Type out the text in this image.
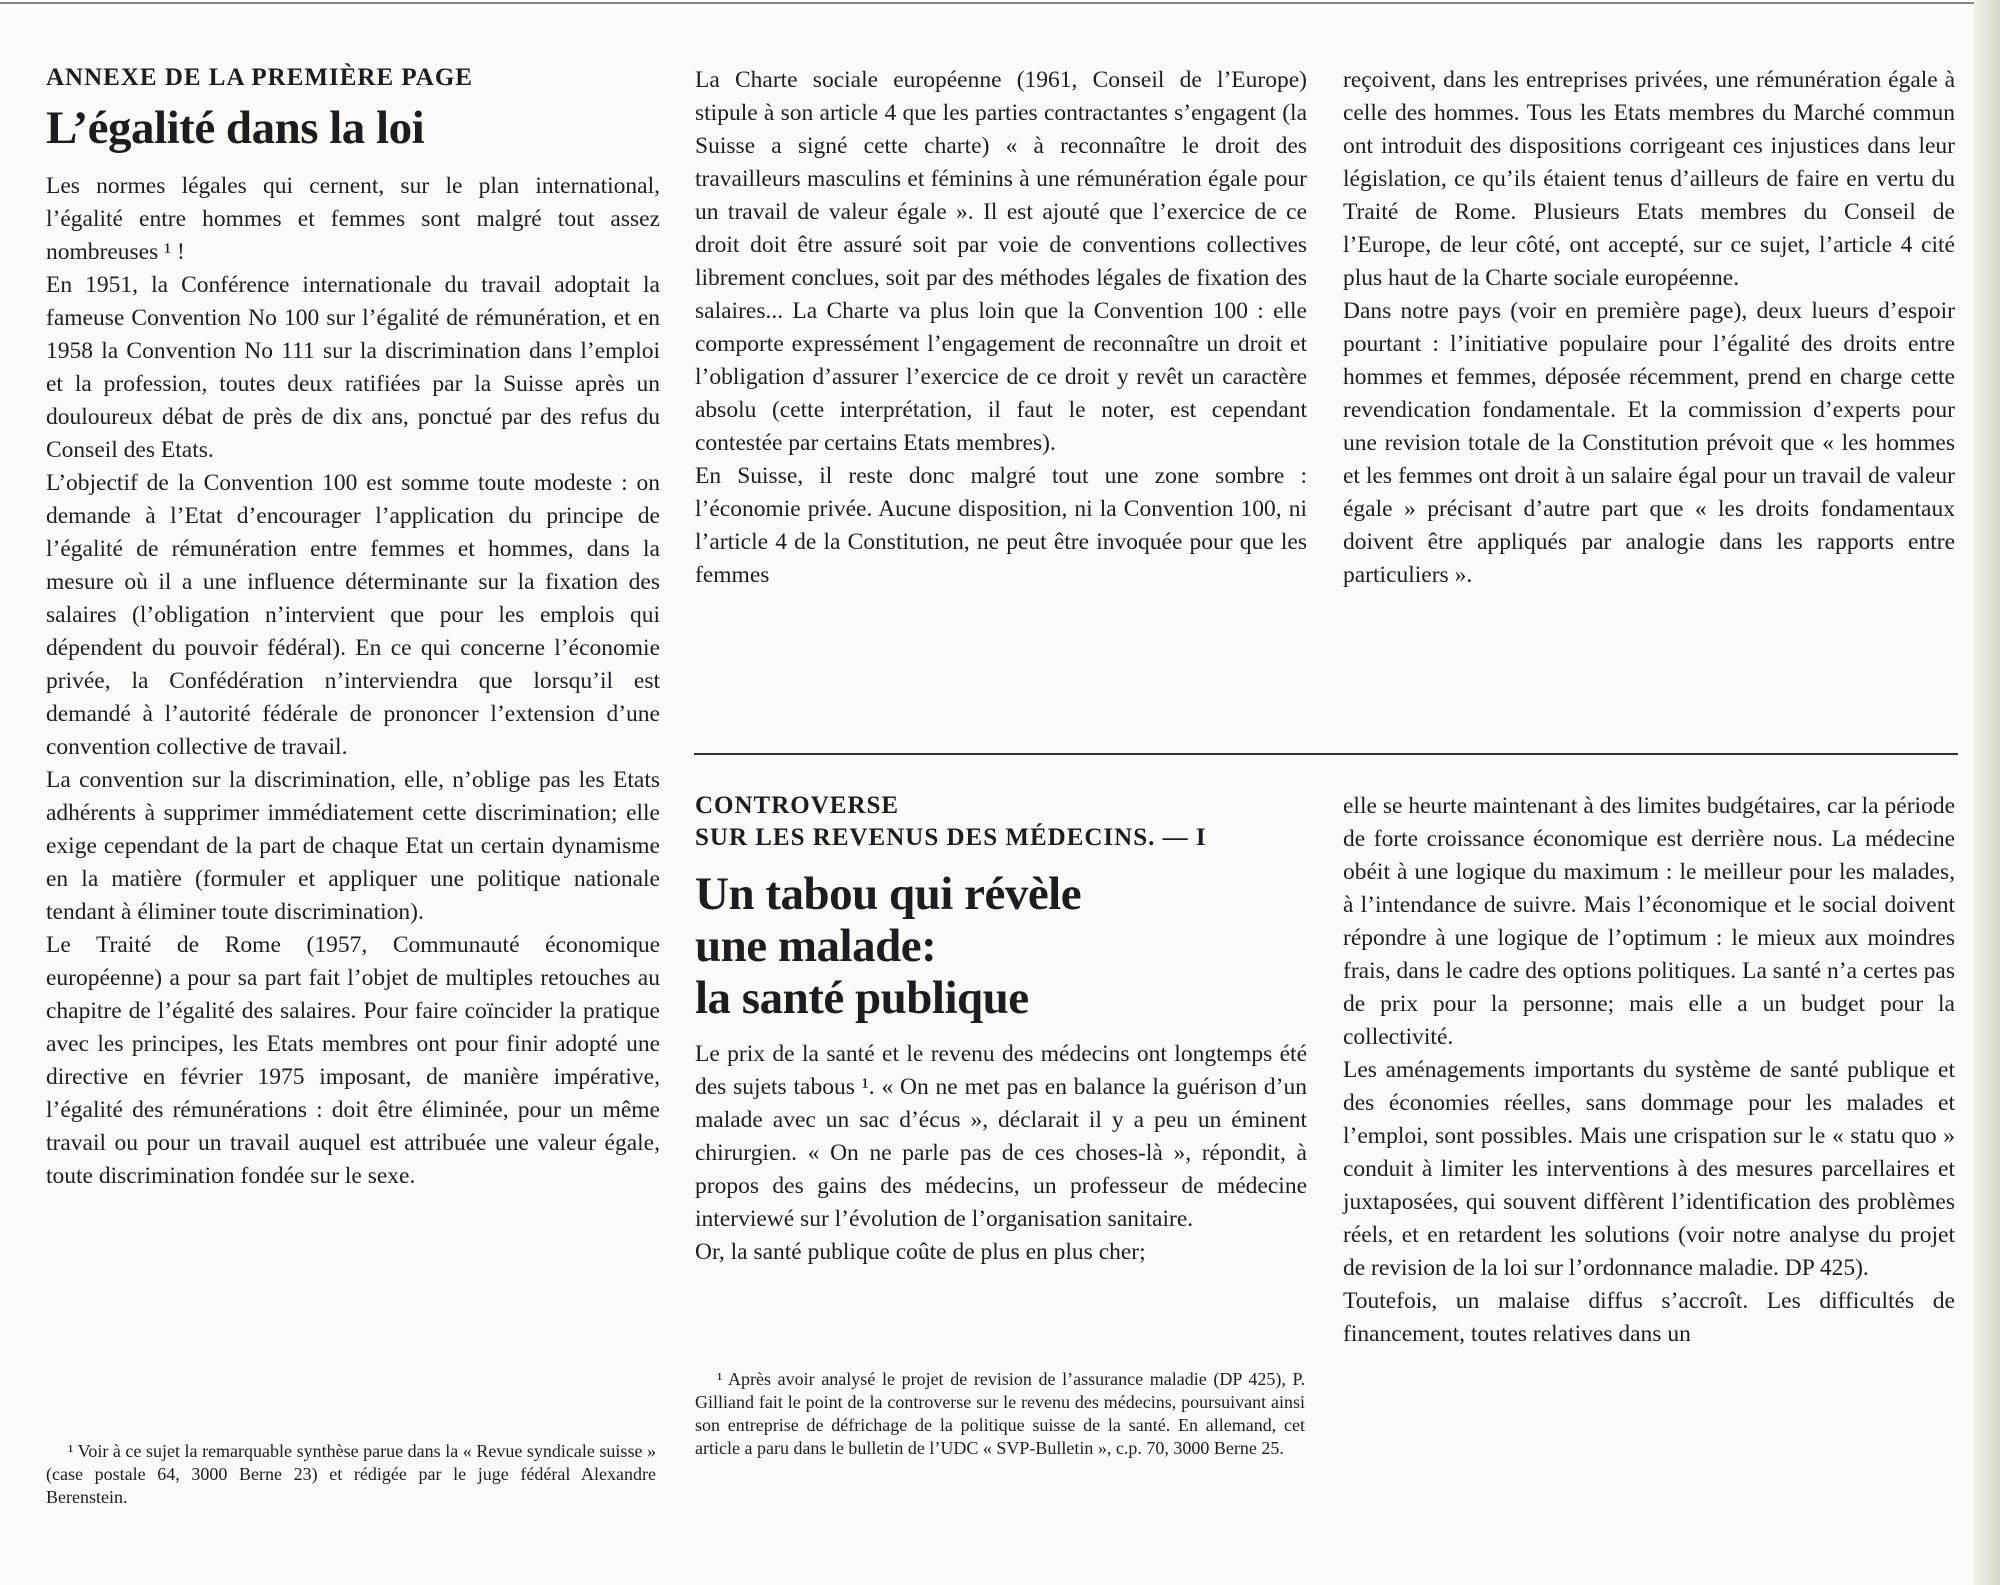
ANNEXE DE LA PREMIÈRE PAGE
L’égalité dans la loi

Les normes légales qui cernent, sur le plan international, l’égalité entre hommes et femmes sont malgré tout assez nombreuses ¹ !

En 1951, la Conférence internationale du travail adoptait la fameuse Convention No 100 sur l’égalité de rémunération, et en 1958 la Convention No 111 sur la discrimination dans l’emploi et la profession, toutes deux ratifiées par la Suisse après un douloureux débat de près de dix ans, ponctué par des refus du Conseil des Etats.

L’objectif de la Convention 100 est somme toute modeste : on demande à l’Etat d’encourager l’application du principe de l’égalité de rémunération entre femmes et hommes, dans la mesure où il a une influence déterminante sur la fixation des salaires (l’obligation n’intervient que pour les emplois qui dépendent du pouvoir fédéral). En ce qui concerne l’économie privée, la Confédération n’interviendra que lorsqu’il est demandé à l’autorité fédérale de prononcer l’extension d’une convention collective de travail.

La convention sur la discrimination, elle, n’oblige pas les Etats adhérents à supprimer immédiatement cette discrimination; elle exige cependant de la part de chaque Etat un certain dynamisme en la matière (formuler et appliquer une politique nationale tendant à éliminer toute discrimination).

Le Traité de Rome (1957, Communauté économique européenne) a pour sa part fait l’objet de multiples retouches au chapitre de l’égalité des salaires. Pour faire coïncider la pratique avec les principes, les Etats membres ont pour finir adopté une directive en février 1975 imposant, de manière impérative, l’égalité des rémunérations : doit être éliminée, pour un même travail ou pour un travail auquel est attribuée une valeur égale, toute discrimination fondée sur le sexe.

¹ Voir à ce sujet la remarquable synthèse parue dans la « Revue syndicale suisse » (case postale 64, 3000 Berne 23) et rédigée par le juge fédéral Alexandre Berenstein.

La Charte sociale européenne (1961, Conseil de l’Europe) stipule à son article 4 que les parties contractantes s’engagent (la Suisse a signé cette charte) « à reconnaître le droit des travailleurs masculins et féminins à une rémunération égale pour un travail de valeur égale ». Il est ajouté que l’exercice de ce droit doit être assuré soit par voie de conventions collectives librement conclues, soit par des méthodes légales de fixation des salaires... La Charte va plus loin que la Convention 100 : elle comporte expressément l’engagement de reconnaître un droit et l’obligation d’assurer l’exercice de ce droit y revêt un caractère absolu (cette interprétation, il faut le noter, est cependant contestée par certains Etats membres).

En Suisse, il reste donc malgré tout une zone sombre : l’économie privée. Aucune disposition, ni la Convention 100, ni l’article 4 de la Constitution, ne peut être invoquée pour que les femmes

reçoivent, dans les entreprises privées, une rémunération égale à celle des hommes. Tous les Etats membres du Marché commun ont introduit des dispositions corrigeant ces injustices dans leur législation, ce qu’ils étaient tenus d’ailleurs de faire en vertu du Traité de Rome. Plusieurs Etats membres du Conseil de l’Europe, de leur côté, ont accepté, sur ce sujet, l’article 4 cité plus haut de la Charte sociale européenne.

Dans notre pays (voir en première page), deux lueurs d’espoir pourtant : l’initiative populaire pour l’égalité des droits entre hommes et femmes, déposée récemment, prend en charge cette revendication fondamentale. Et la commission d’experts pour une revision totale de la Constitution prévoit que « les hommes et les femmes ont droit à un salaire égal pour un travail de valeur égale » précisant d’autre part que « les droits fondamentaux doivent être appliqués par analogie dans les rapports entre particuliers ».

CONTROVERSE
SUR LES REVENUS DES MÉDECINS. — I
Un tabou qui révèle
une malade:
la santé publique

Le prix de la santé et le revenu des médecins ont longtemps été des sujets tabous ¹. « On ne met pas en balance la guérison d’un malade avec un sac d’écus », déclarait il y a peu un éminent chirurgien. « On ne parle pas de ces choses-là », répondit, à propos des gains des médecins, un professeur de médecine interviewé sur l’évolution de l’organisation sanitaire.

Or, la santé publique coûte de plus en plus cher;

¹ Après avoir analysé le projet de revision de l’assurance maladie (DP 425), P. Gilliand fait le point de la controverse sur le revenu des médecins, poursuivant ainsi son entreprise de défrichage de la politique suisse de la santé. En allemand, cet article a paru dans le bulletin de l’UDC « SVP-Bulletin », c.p. 70, 3000 Berne 25.

elle se heurte maintenant à des limites budgétaires, car la période de forte croissance économique est derrière nous. La médecine obéit à une logique du maximum : le meilleur pour les malades, à l’intendance de suivre. Mais l’économique et le social doivent répondre à une logique de l’optimum : le mieux aux moindres frais, dans le cadre des options politiques. La santé n’a certes pas de prix pour la personne; mais elle a un budget pour la collectivité.

Les aménagements importants du système de santé publique et des économies réelles, sans dommage pour les malades et l’emploi, sont possibles. Mais une crispation sur le « statu quo » conduit à limiter les interventions à des mesures parcellaires et juxtaposées, qui souvent diffèrent l’identification des problèmes réels, et en retardent les solutions (voir notre analyse du projet de revision de la loi sur l’ordonnance maladie. DP 425).

Toutefois, un malaise diffus s’accroît. Les difficultés de financement, toutes relatives dans un
